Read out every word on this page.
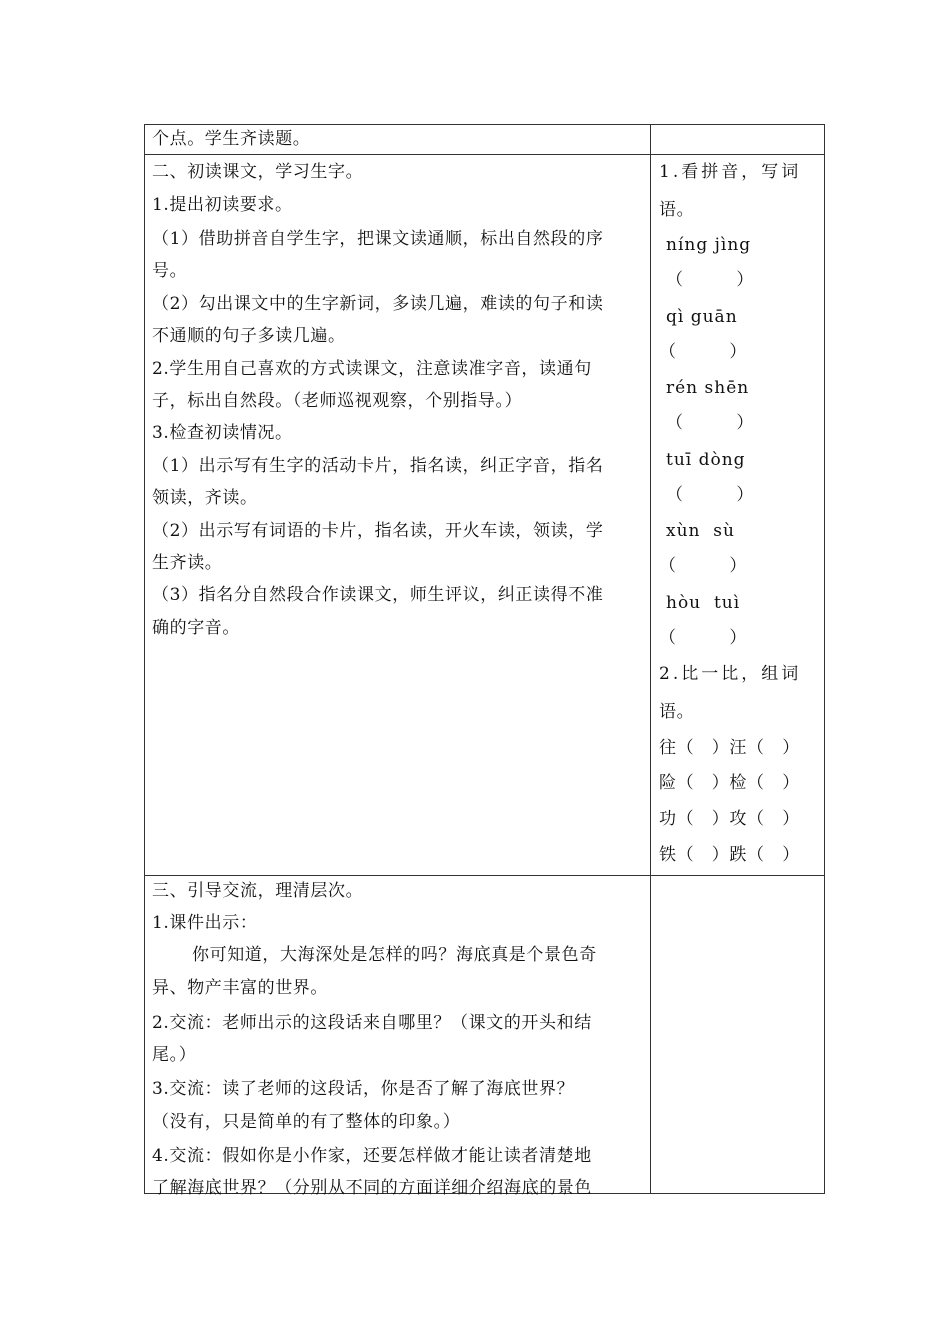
个点。学生齐读题。
二、初读课文，学习生字。
1.提出初读要求。
（1）借助拼音自学生字，把课文读通顺，标出自然段的序
号。
（2）勾出课文中的生字新词，多读几遍，难读的句子和读
不通顺的句子多读几遍。
2.学生用自己喜欢的方式读课文，注意读准字音，读通句
子，标出自然段。（老师巡视观察，个别指导。）
3.检查初读情况。
（1）出示写有生字的活动卡片，指名读，纠正字音，指名
领读，齐读。
（2）出示写有词语的卡片，指名读，开火车读，领读，学
生齐读。
（3）指名分自然段合作读课文，师生评议，纠正读得不准
确的字音。
1.看拼音，写词
语。
níng jìng
（　　　）
qì guān
（　　　）
rén shēn
（　　　）
tuī dòng
（　　　）
xùn  sù
（　　　）
hòu  tuì
（　　　）
2.比一比，组词
语。
往（　）汪（　）
险（　）检（　）
功（　）攻（　）
铁（　）跌（　）
三、引导交流，理清层次。
1.课件出示：
你可知道，大海深处是怎样的吗？海底真是个景色奇
异、物产丰富的世界。
2.交流：老师出示的这段话来自哪里？（课文的开头和结
尾。）
3.交流：读了老师的这段话，你是否了解了海底世界？
（没有，只是简单的有了整体的印象。）
4.交流：假如你是小作家，还要怎样做才能让读者清楚地
了解海底世界？（分别从不同的方面详细介绍海底的景色
